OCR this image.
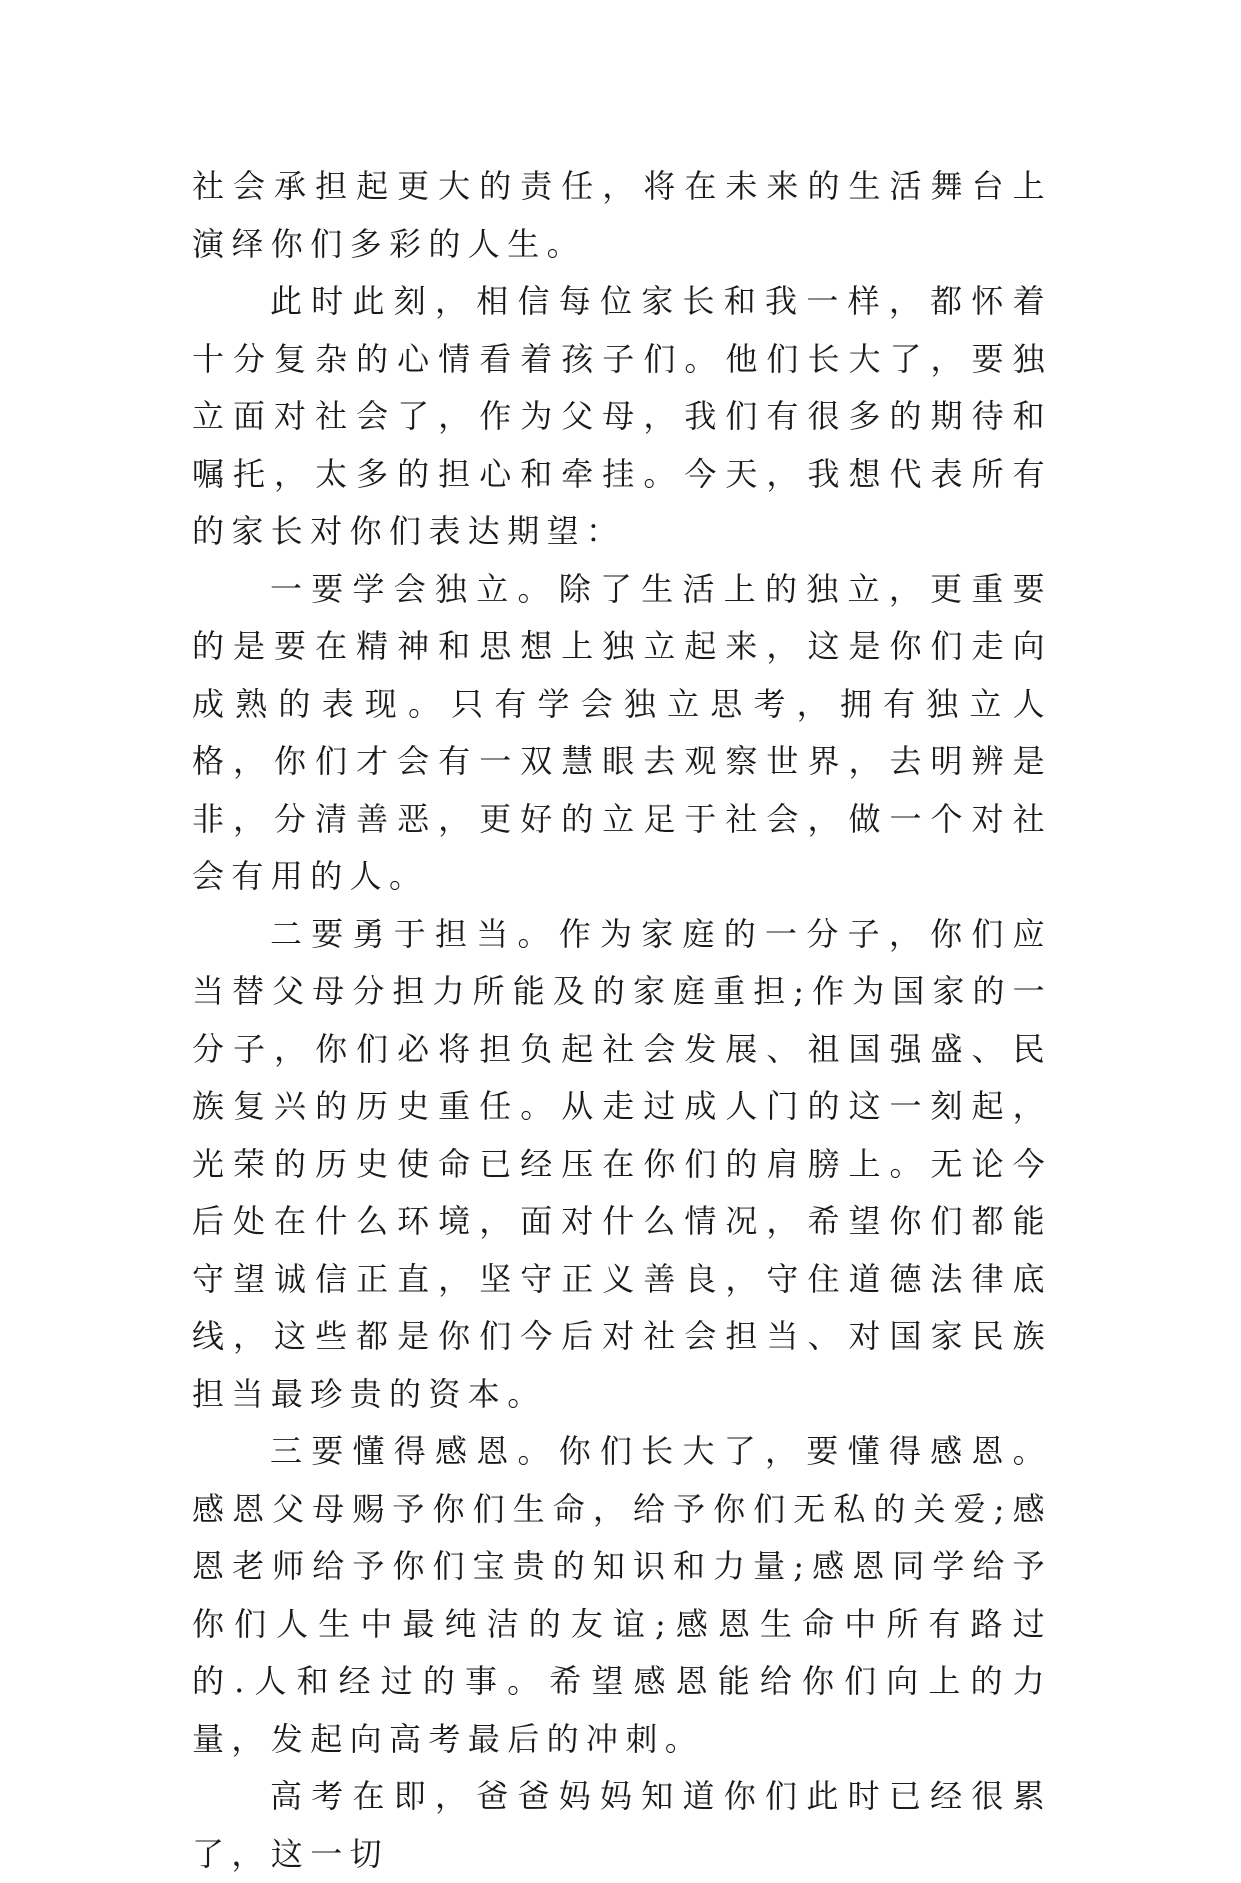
社会承担起更大的责任，将在未来的生活舞台上演绎你们多彩的人生。

此时此刻，相信每位家长和我一样，都怀着十分复杂的心情看着孩子们。他们长大了，要独立面对社会了，作为父母，我们有很多的期待和嘱托，太多的担心和牵挂。今天，我想代表所有的家长对你们表达期望：

一要学会独立。除了生活上的独立，更重要的是要在精神和思想上独立起来，这是你们走向成熟的表现。只有学会独立思考，拥有独立人格，你们才会有一双慧眼去观察世界，去明辨是非，分清善恶，更好的立足于社会，做一个对社会有用的人。

二要勇于担当。作为家庭的一分子，你们应当替父母分担力所能及的家庭重担;作为国家的一分子，你们必将担负起社会发展、祖国强盛、民族复兴的历史重任。从走过成人门的这一刻起，光荣的历史使命已经压在你们的肩膀上。无论今后处在什么环境，面对什么情况，希望你们都能守望诚信正直，坚守正义善良，守住道德法律底线，这些都是你们今后对社会担当、对国家民族担当最珍贵的资本。

三要懂得感恩。你们长大了，要懂得感恩。感恩父母赐予你们生命，给予你们无私的关爱;感恩老师给予你们宝贵的知识和力量;感恩同学给予你们人生中最纯洁的友谊;感恩生命中所有路过的.人和经过的事。希望感恩能给你们向上的力量，发起向高考最后的冲刺。

高考在即，爸爸妈妈知道你们此时已经很累了，这一切
